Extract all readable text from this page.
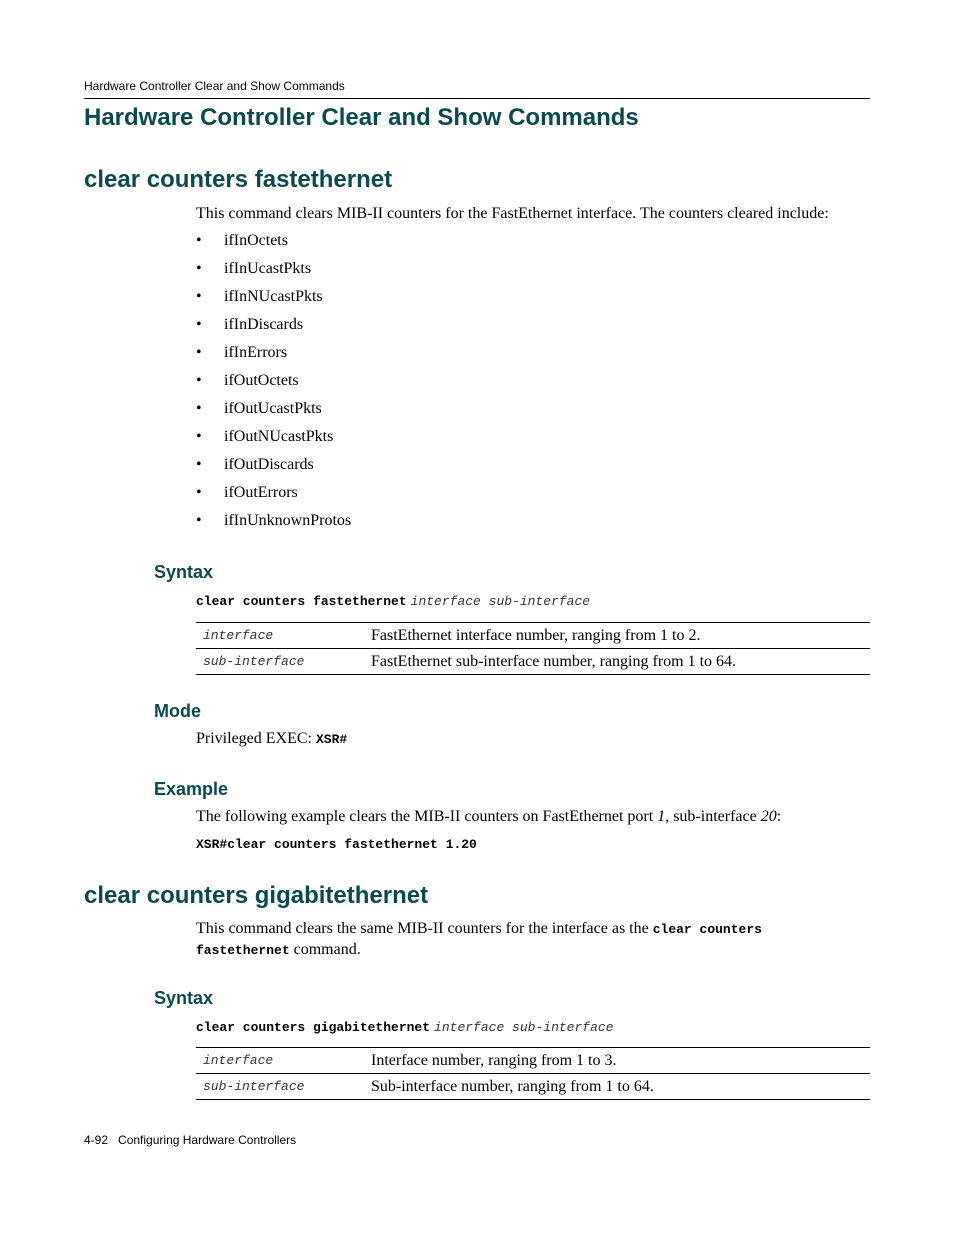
Hardware Controller Clear and Show Commands
Hardware Controller Clear and Show Commands
clear counters fastethernet
This command clears MIB-II counters for the FastEthernet interface. The counters cleared include:
• ifInOctets
• ifInUcastPkts
• ifInNUcastPkts
• ifInDiscards
• ifInErrors
• ifOutOctets
• ifOutUcastPkts
• ifOutNUcastPkts
• ifOutDiscards
• ifOutErrors
• ifInUnknownProtos
Syntax
clear counters fastethernet interface sub-interface
interface	FastEthernet interface number, ranging from 1 to 2.
sub-interface	FastEthernet sub-interface number, ranging from 1 to 64.
Mode
Privileged EXEC: XSR#
Example
The following example clears the MIB-II counters on FastEthernet port 1, sub-interface 20:
XSR#clear counters fastethernet 1.20
clear counters gigabitethernet
This command clears the same MIB-II counters for the interface as the clear counters
fastethernet command.
Syntax
clear counters gigabitethernet interface sub-interface
interface	Interface number, ranging from 1 to 3.
sub-interface	Sub-interface number, ranging from 1 to 64.
4-92 Configuring Hardware Controllers
